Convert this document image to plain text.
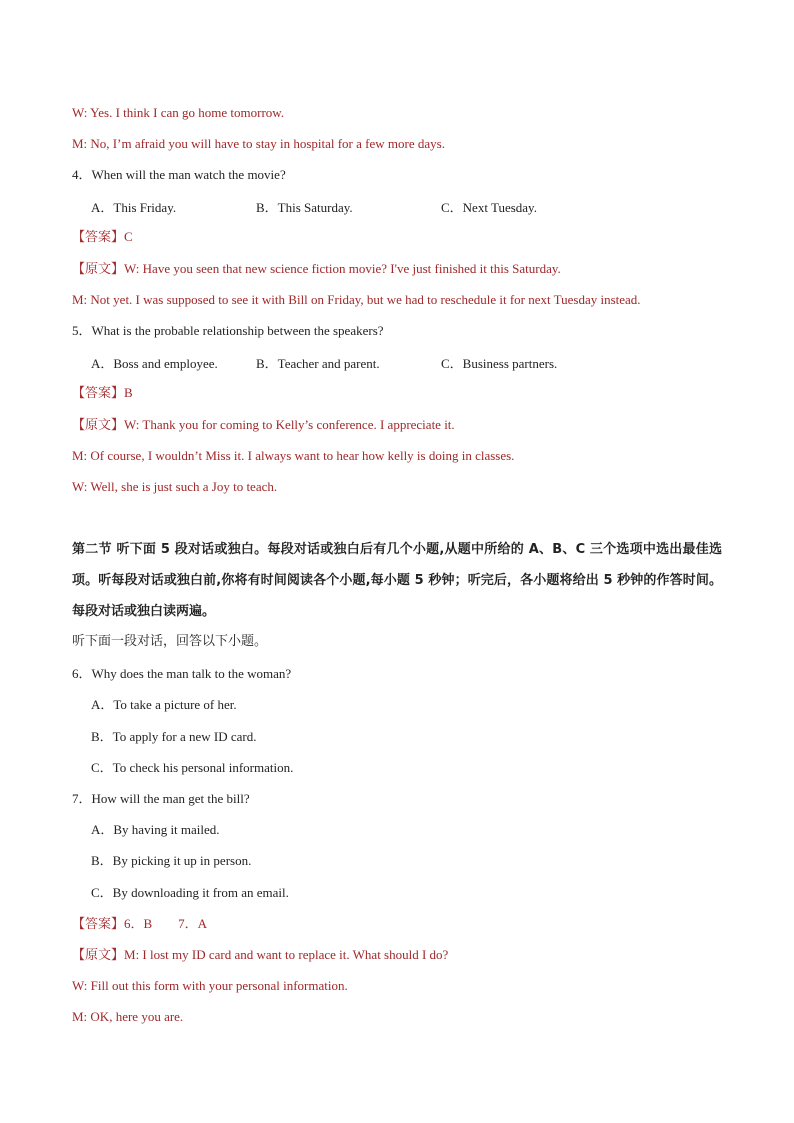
W: Yes. I think I can go home tomorrow.
M: No, I’m afraid you will have to stay in hospital for a few more days.
4．When will the man watch the movie?
A．This Friday.	B．This Saturday.	C．Next Tuesday.
【答案】C
【原文】W: Have you seen that new science fiction movie? I've just finished it this Saturday.
M: Not yet. I was supposed to see it with Bill on Friday, but we had to reschedule it for next Tuesday instead.
5．What is the probable relationship between the speakers?
A．Boss and employee.	B．Teacher and parent.	C．Business partners.
【答案】B
【原文】W: Thank you for coming to Kelly’s conference. I appreciate it.
M: Of course, I wouldn’t Miss it. I always want to hear how kelly is doing in classes.
W: Well, she is just such a Joy to teach.
第二节 听下面 5 段对话或独白。每段对话或独白后有几个小题,从题中所给的 A、B、C 三个选项中选出最佳选项。听每段对话或独白前,你将有时间阅读各个小题,每小题 5 秒钟；听完后，各小题将给出 5 秒钟的作答时间。每段对话或独白读两遍。
听下面一段对话，回答以下小题。
6．Why does the man talk to the woman?
A．To take a picture of her.
B．To apply for a new ID card.
C．To check his personal information.
7．How will the man get the bill?
A．By having it mailed.
B．By picking it up in person.
C．By downloading it from an email.
【答案】6．B　　7．A
【原文】M: I lost my ID card and want to replace it. What should I do?
W: Fill out this form with your personal information.
M: OK, here you are.
